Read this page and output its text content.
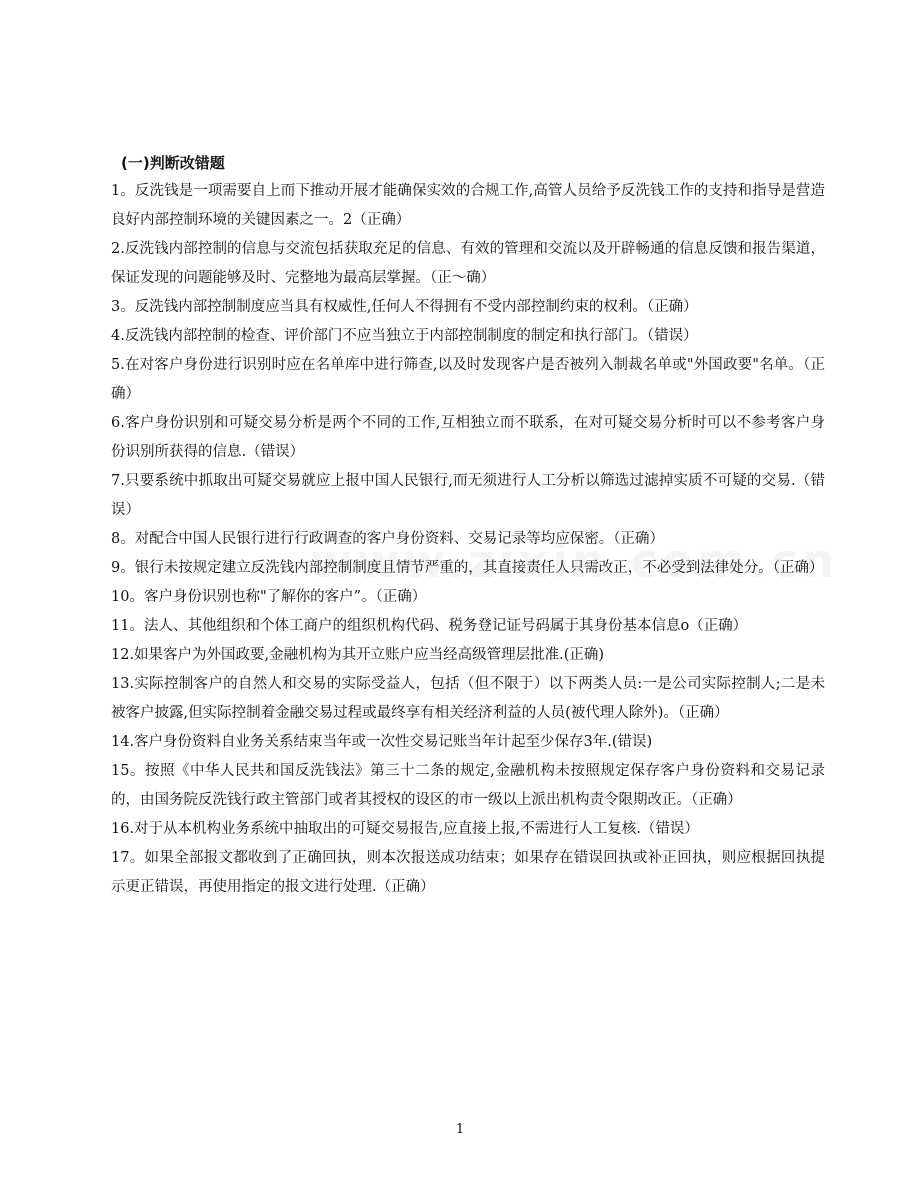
(一)判断改错题
1。反洗钱是一项需要自上而下推动开展才能确保实效的合规工作,高管人员给予反洗钱工作的支持和指导是营造良好内部控制环境的关键因素之一。2（正确）
2.反洗钱内部控制的信息与交流包括获取充足的信息、有效的管理和交流以及开辟畅通的信息反馈和报告渠道，保证发现的问题能够及时、完整地为最高层掌握。（正～确）
3。反洗钱内部控制制度应当具有权威性,任何人不得拥有不受内部控制约束的权利。（正确）
4.反洗钱内部控制的检查、评价部门不应当独立于内部控制制度的制定和执行部门。（错误）
5.在对客户身份进行识别时应在名单库中进行筛查,以及时发现客户是否被列入制裁名单或"外国政要"名单。（正确）
6.客户身份识别和可疑交易分析是两个不同的工作,互相独立而不联系，在对可疑交易分析时可以不参考客户身份识别所获得的信息.（错误）
7.只要系统中抓取出可疑交易就应上报中国人民银行,而无须进行人工分析以筛选过滤掉实质不可疑的交易.（错误）
8。对配合中国人民银行进行行政调查的客户身份资料、交易记录等均应保密。（正确）
9。银行未按规定建立反洗钱内部控制制度且情节严重的，其直接责任人只需改正，不必受到法律处分。（正确）
10。客户身份识别也称"了解你的客户”。（正确）
11。法人、其他组织和个体工商户的组织机构代码、税务登记证号码属于其身份基本信息o（正确）
12.如果客户为外国政要,金融机构为其开立账户应当经高级管理层批准.(正确)
13.实际控制客户的自然人和交易的实际受益人，包括（但不限于）以下两类人员:一是公司实际控制人;二是未被客户披露,但实际控制着金融交易过程或最终享有相关经济利益的人员(被代理人除外)。（正确）
14.客户身份资料自业务关系结束当年或一次性交易记账当年计起至少保存3年.(错误)
15。按照《中华人民共和国反洗钱法》第三十二条的规定,金融机构未按照规定保存客户身份资料和交易记录的，由国务院反洗钱行政主管部门或者其授权的设区的市一级以上派出机构责令限期改正。（正确）
16.对于从本机构业务系统中抽取出的可疑交易报告,应直接上报,不需进行人工复核.（错误）
17。如果全部报文都收到了正确回执，则本次报送成功结束；如果存在错误回执或补正回执，则应根据回执提示更正错误，再使用指定的报文进行处理.（正确）
1
